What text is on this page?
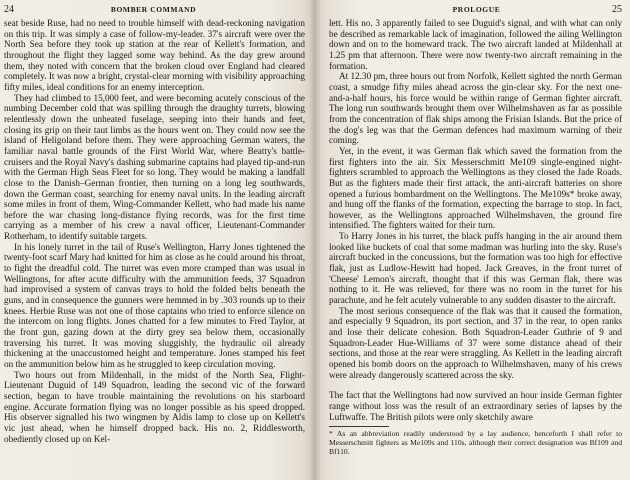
24	BOMBER COMMAND

seat beside Ruse, had no need to trouble himself with dead-reckoning navigation on this trip. It was simply a case of follow-my-leader. 37's aircraft were over the North Sea before they took up station at the rear of Kellett's formation, and throughout the flight they lagged some way behind. As the day grew around them, they noted with concern that the broken cloud over England had cleared completely. It was now a bright, crystal-clear morning with visibility approaching fifty miles, ideal conditions for an enemy interception.

They had climbed to 15,000 feet, and were becoming acutely conscious of the numbing December cold that was spilling through the draughty turrets, blowing relentlessly down the unheated fuselage, seeping into their hands and feet, closing its grip on their taut limbs as the hours went on. They could now see the island of Heligoland before them. They were approaching German waters, the familiar naval battle grounds of the First World War, where Beatty's battle-cruisers and the Royal Navy's dashing submarine captains had played tip-and-run with the German High Seas Fleet for so long. They would be making a landfall close to the Danish–German frontier, then turning on a long leg southwards, down the German coast, searching for enemy naval units. In the leading aircraft some miles in front of them, Wing-Commander Kellett, who had made his name before the war chasing long-distance flying records, was for the first time carrying as a member of his crew a naval officer, Lieutenant-Commander Rotherham, to identify suitable targets.

In his lonely turret in the tail of Ruse's Wellington, Harry Jones tightened the twenty-foot scarf Mary had knitted for him as close as he could around his throat, to fight the dreadful cold. The turret was even more cramped than was usual in Wellingtons, for after acute difficulty with the ammunition feeds, 37 Squadron had improvised a system of canvas trays to hold the folded belts beneath the guns, and in consequence the gunners were hemmed in by .303 rounds up to their knees. Herbie Ruse was not one of those captains who tried to enforce silence on the intercom on long flights. Jones chatted for a few minutes to Fred Taylor, at the front gun, gazing down at the dirty grey sea below them, occasionally traversing his turret. It was moving sluggishly, the hydraulic oil already thickening at the unaccustomed height and temperature. Jones stamped his feet on the ammunition below him as he struggled to keep circulation moving.

Two hours out from Mildenhall, in the midst of the North Sea, Flight-Lieutenant Duguid of 149 Squadron, leading the second vic of the forward section, began to have trouble maintaining the revolutions on his starboard engine. Accurate formation flying was no longer possible as his speed dropped. His observer signalled his two wingmen by Aldis lamp to close up on Kellett's vic just ahead, when he himself dropped back. His no. 2, Riddlesworth, obediently closed up on Kel-

PROLOGUE	25

lett. His no. 3 apparently failed to see Duguid's signal, and with what can only be described as remarkable lack of imagination, followed the ailing Wellington down and on to the homeward track. The two aircraft landed at Mildenhall at 1.25 pm that afternoon. There were now twenty-two aircraft remaining in the formation.

At 12.30 pm, three hours out from Norfolk, Kellett sighted the north German coast, a smudge fifty miles ahead across the gin-clear sky. For the next one-and-a-half hours, his force would be within range of German fighter aircraft. The long run southwards brought them over Wilhelmshaven as far as possible from the concentration of flak ships among the Frisian Islands. But the price of the dog's leg was that the German defences had maximum warning of their coming.

Yet, in the event, it was German flak which saved the formation from the first fighters into the air. Six Messerschmitt Me109 single-engined night-fighters scrambled to approach the Wellingtons as they closed the Jade Roads. But as the fighters made their first attack, the anti-aircraft batteries on shore opened a furious bombardment on the Wellingtons. The Me109s* broke away, and hung off the flanks of the formation, expecting the barrage to stop. In fact, however, as the Wellingtons approached Wilhelmshaven, the ground fire intensified. The fighters waited for their turn.

To Harry Jones in his turret, the black puffs hanging in the air around them looked like buckets of coal that some madman was hurling into the sky. Ruse's aircraft bucked in the concussions, but the formation was too high for effective flak, just as Ludlow-Hewitt had hoped. Jack Greaves, in the front turret of 'Cheese' Lemon's aircraft, thought that if this was German flak, there was nothing to it. He was relieved, for there was no room in the turret for his parachute, and he felt acutely vulnerable to any sudden disaster to the aircraft.

The most serious consequence of the flak was that it caused the formation, and especially 9 Squadron, its port section, and 37 in the rear, to open ranks and lose their delicate cohesion. Both Squadron-Leader Guthrie of 9 and Squadron-Leader Hue-Williams of 37 were some distance ahead of their sections, and those at the rear were straggling. As Kellett in the leading aircraft opened his bomb doors on the approach to Wilhelmshaven, many of his crews were already dangerously scattered across the sky.

The fact that the Wellingtons had now survived an hour inside German fighter range without loss was the result of an extraordinary series of lapses by the Luftwaffe. The British pilots were only sketchily aware

* As an abbreviation readily understood by a lay audience, henceforth I shall refer to Messerschmitt fighters as Me109s and 110s, although their correct designation was Bf109 and Bf110.
